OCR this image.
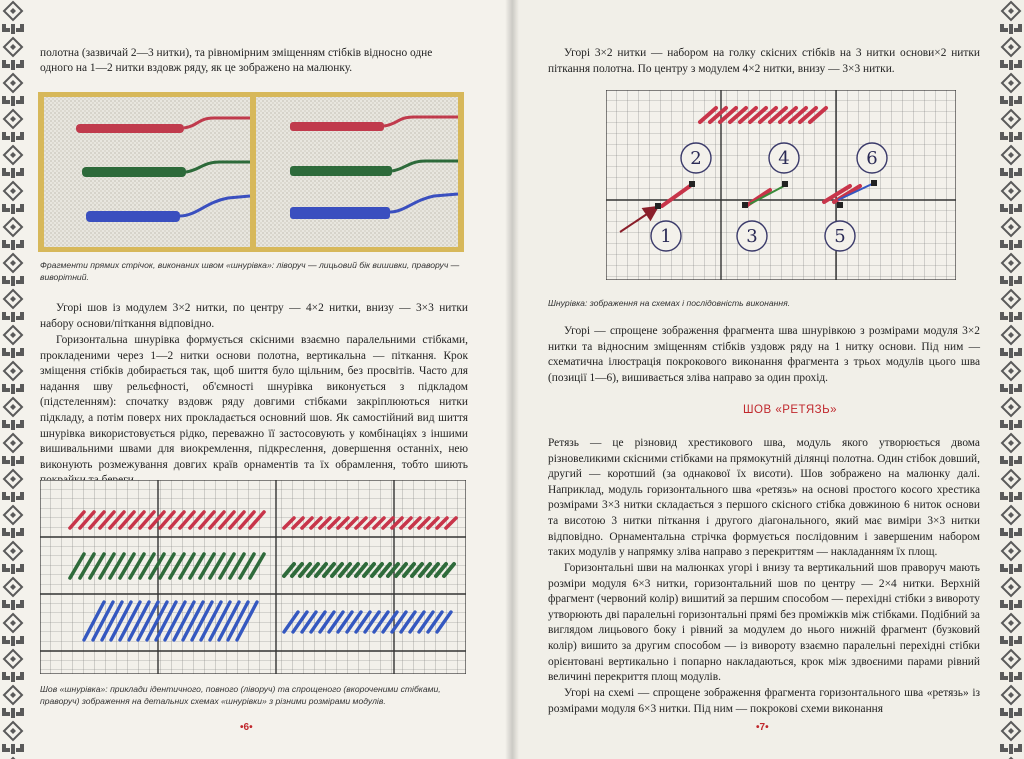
полотна (зазвичай 2—3 нитки), та рівномірним зміщенням стібків відносно одне

одного на 1—2 нитки вздовж ряду, як це зображено на малюнку.

Фрагменти прямих стрічок, виконаних швом «шнурівка»: ліворуч — лицьовий бік вишивки, праворуч — виворітний.

Угорі шов із модулем 3×2 нитки, по центру — 4×2 нитки, внизу — 3×3 нитки набору основи/піткання відповідно.

Горизонтальна шнурівка формується скісними взаємно паралельними стібками, прокладеними через 1—2 нитки основи полотна, вертикальна — піткання. Крок зміщення стібків добирається так, щоб шиття було щільним, без просвітів. Часто для надання шву рельєфності, об'ємності шнурівка виконується з підкладом (підстеленням): спочатку вздовж ряду довгими стібками закріплюються нитки підкладу, а потім поверх них прокладається основний шов. Як самостійний вид шиття шнурівка використовується рідко, переважно її застосовують у комбінаціях з іншими вишивальними швами для виокремлення, підкреслення, довершення останніх, нею виконують розмежування довгих країв орнаментів та їх обрамлення, тобто шиють

Шов «шнурівка»: приклади ідентичного, повного (ліворуч) та спрощеного (вкороченими стібками, праворуч) зображення на детальних схемах «шнурівки» з різними розмірами модулів.

•6•

Угорі 3×2 нитки — набором на голку скісних стібків на 3 нитки основи×2 нитки піткання полотна. По центру з модулем 4×2 нитки, внизу — 3×3 нитки.

1
2
3
4
5
6

Шнурівка: зображення на схемах і послідовність виконання.

Угорі — спрощене зображення фрагмента шва шнурівкою з розмірами модуля 3×2 нитки та відносним зміщенням стібків уздовж ряду на 1 нитку основи. Під ним — схематична ілюстрація покрокового виконання фрагмента з трьох модулів цього шва (позиції 1—6), вишивається зліва направо за один прохід.

ШОВ «РЕТЯЗЬ»

Ретязь — це різновид хрестикового шва, модуль якого утворюється двома різновеликими скісними стібками на прямокутній ділянці полотна. Один стібок довший, другий — коротший (за однакової їх висоти). Шов зображено на малюнку далі. Наприклад, модуль горизонтального шва «ретязь» на основі простого косого хрестика розмірами 3×3 нитки складається з першого скісного стібка довжиною 6 ниток основи та висотою 3 нитки піткання і другого діагонального, який має виміри 3×3 нитки відповідно. Орнаментальна стрічка формується послідовним і завершеним набором таких модулів у напрямку зліва направо з перекриттям — накладанням їх площ.

Горизонтальні шви на малюнках угорі і внизу та вертикальний шов праворуч мають розміри модуля 6×3 нитки, горизонтальний шов по центру — 2×4 нитки. Верхній фрагмент (червоний колір) вишитий за першим способом — перехідні стібки з вивороту утворюють дві паралельні горизонтальні прямі без проміжків між стібками. Подібний за виглядом лицьового боку і рівний за модулем до нього нижній фрагмент (бузковий колір) вишито за другим способом — із вивороту взаємно паралельні перехідні стібки орієнтовані вертикально і попарно накладаються, крок між здвоєними парами рівний величині перекриття площ модулів.

Угорі на схемі — спрощене зображення фрагмента горизонтального шва «ретязь» із розмірами модуля 6×3 нитки. Під ним — покрокові схеми виконання

•7•
